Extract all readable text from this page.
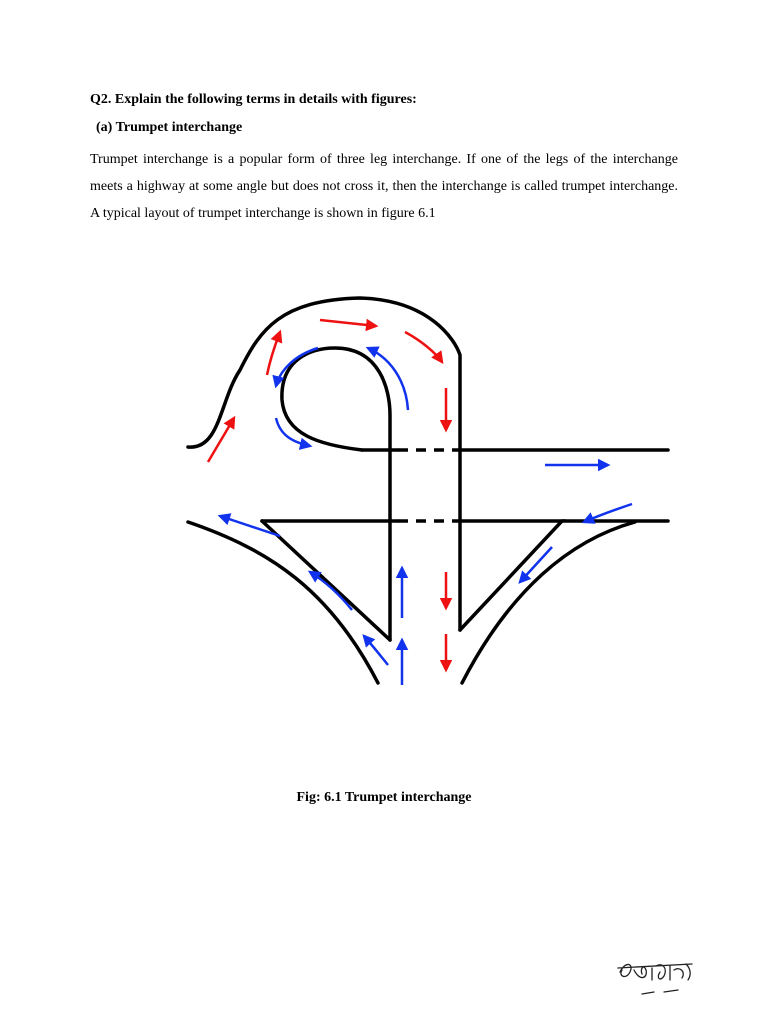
Q2. Explain the following terms in details with figures:
(a) Trumpet interchange
Trumpet interchange is a popular form of three leg interchange. If one of the legs of the interchange meets a highway at some angle but does not cross it, then the interchange is called trumpet interchange. A typical layout of trumpet interchange is shown in figure 6.1
Fig: 6.1 Trumpet interchange
